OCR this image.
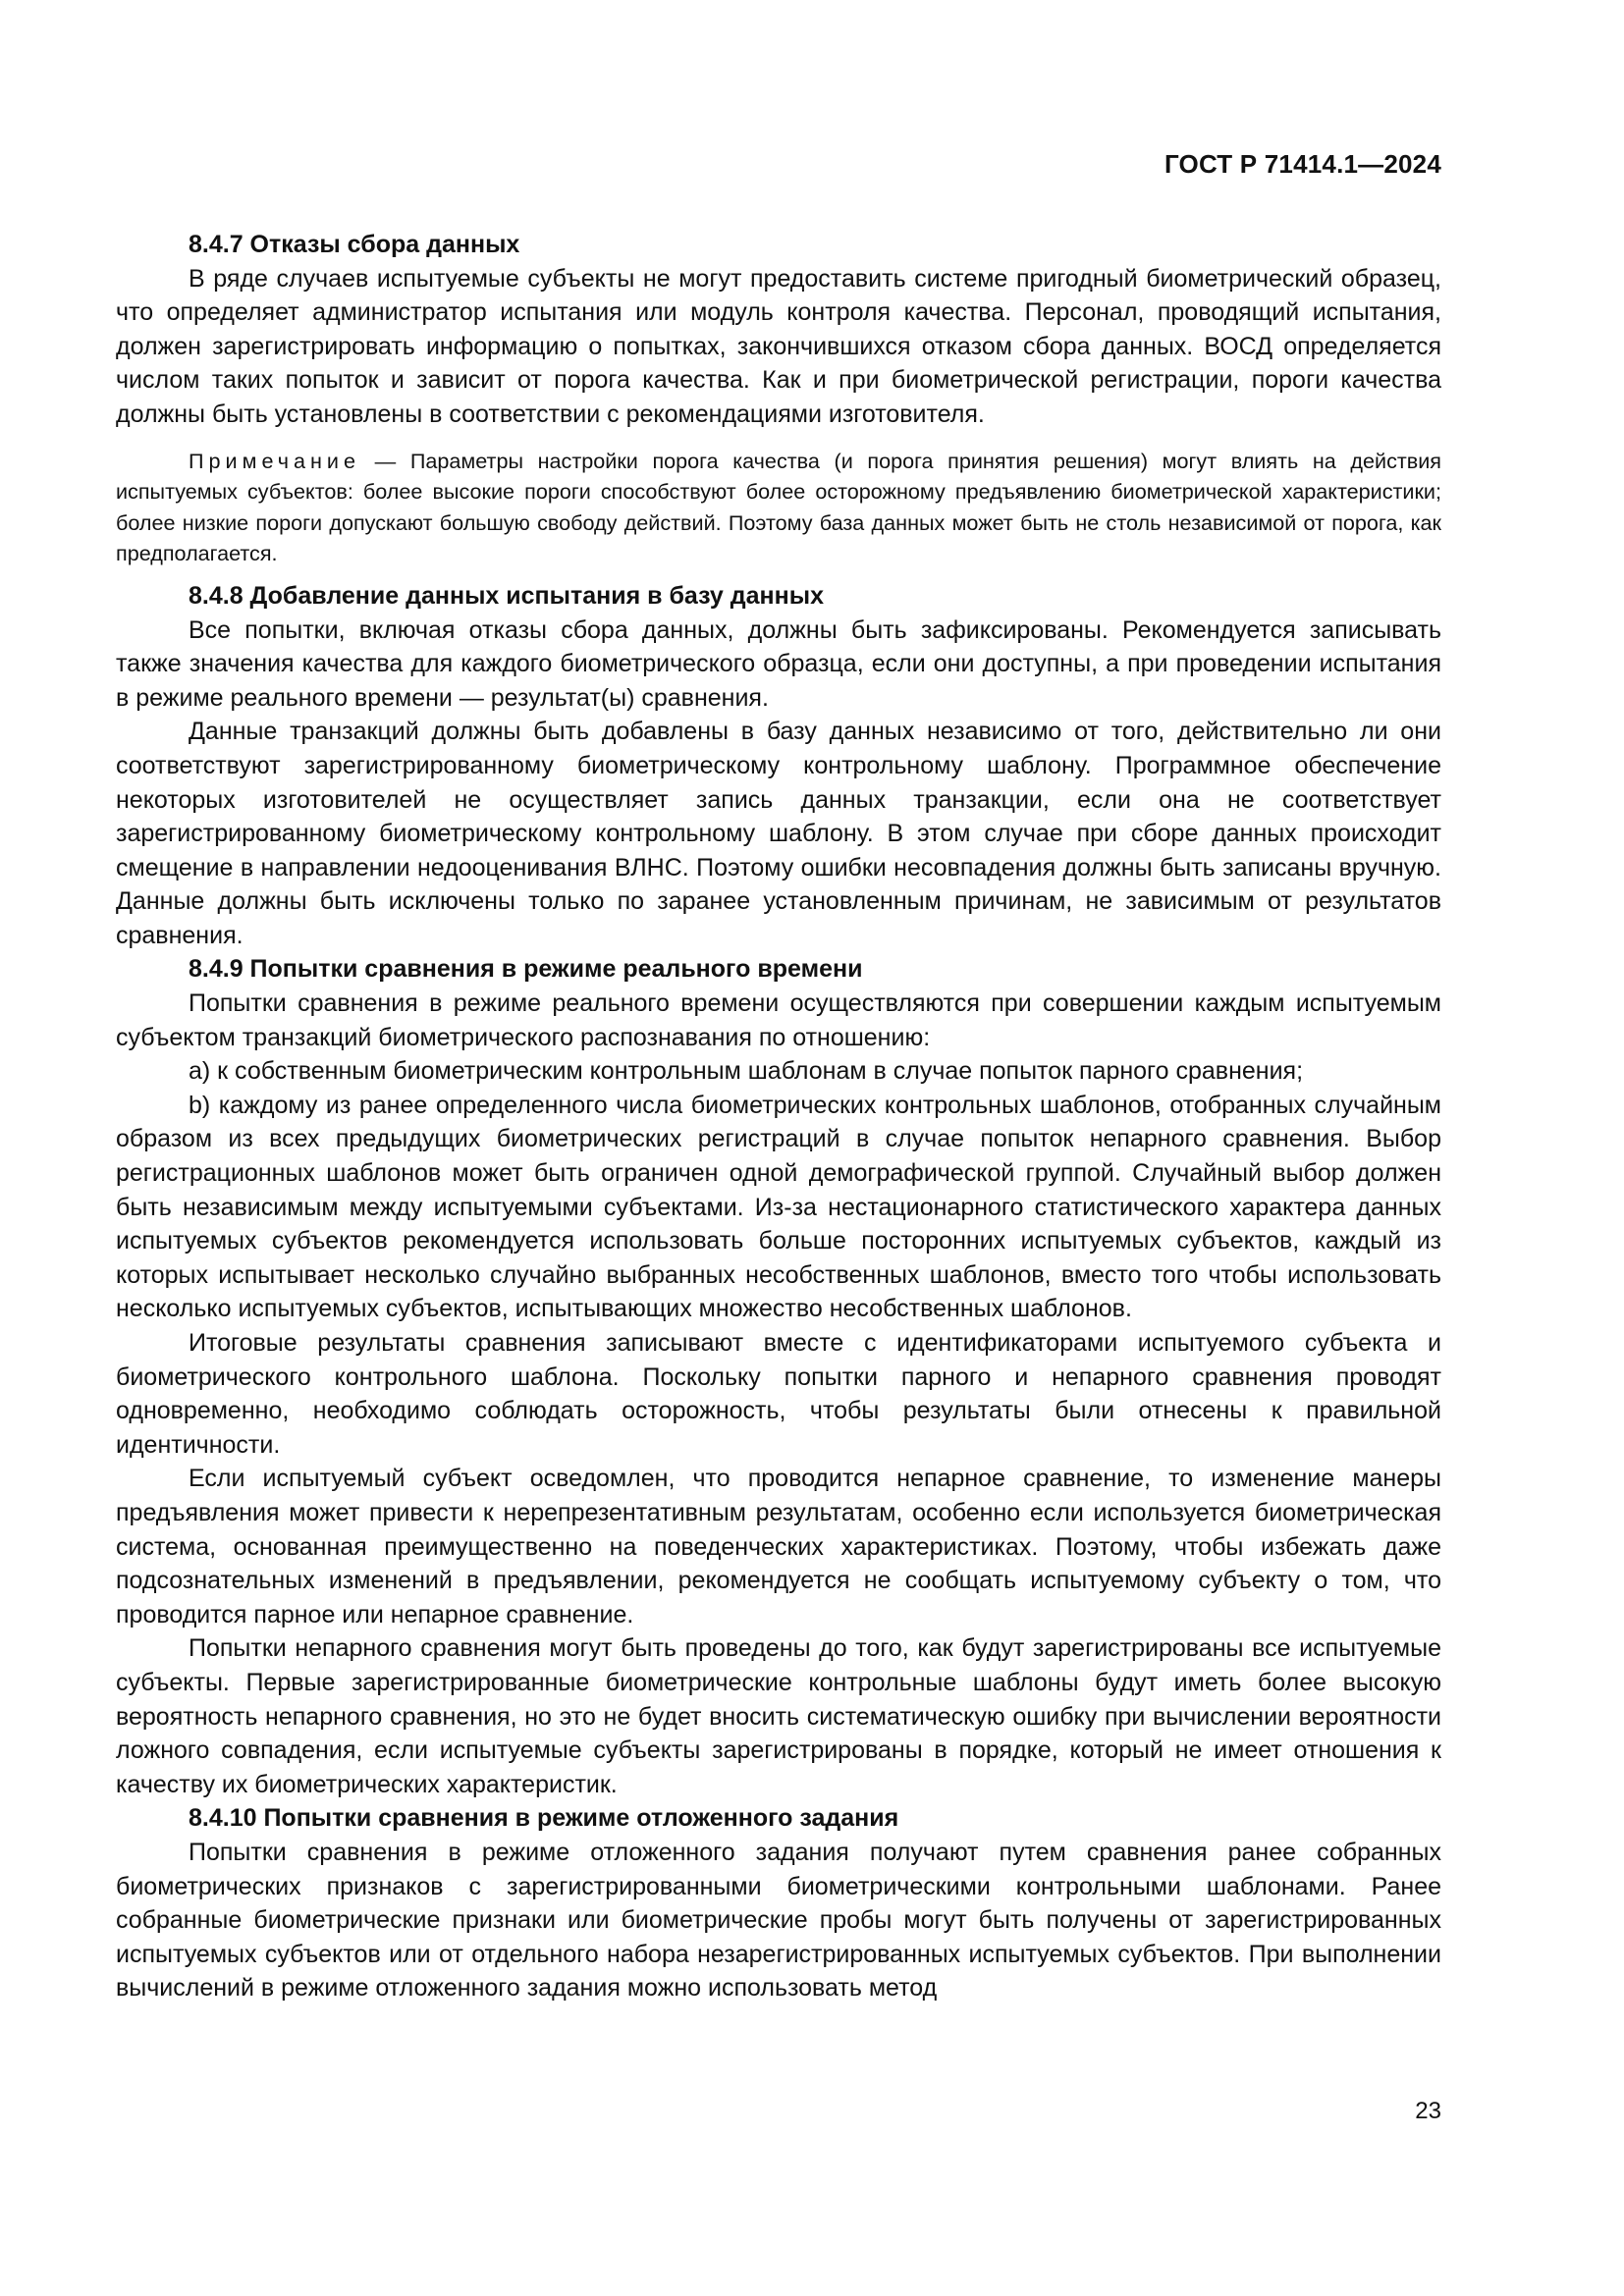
ГОСТ Р 71414.1—2024
8.4.7 Отказы сбора данных
В ряде случаев испытуемые субъекты не могут предоставить системе пригодный биометрический образец, что определяет администратор испытания или модуль контроля качества. Персонал, проводящий испытания, должен зарегистрировать информацию о попытках, закончившихся отказом сбора данных. ВОСД определяется числом таких попыток и зависит от порога качества. Как и при биометрической регистрации, пороги качества должны быть установлены в соответствии с рекомендациями изготовителя.
Примечание — Параметры настройки порога качества (и порога принятия решения) могут влиять на действия испытуемых субъектов: более высокие пороги способствуют более осторожному предъявлению биометрической характеристики; более низкие пороги допускают большую свободу действий. Поэтому база данных может быть не столь независимой от порога, как предполагается.
8.4.8 Добавление данных испытания в базу данных
Все попытки, включая отказы сбора данных, должны быть зафиксированы. Рекомендуется записывать также значения качества для каждого биометрического образца, если они доступны, а при проведении испытания в режиме реального времени — результат(ы) сравнения.
Данные транзакций должны быть добавлены в базу данных независимо от того, действительно ли они соответствуют зарегистрированному биометрическому контрольному шаблону. Программное обеспечение некоторых изготовителей не осуществляет запись данных транзакции, если она не соответствует зарегистрированному биометрическому контрольному шаблону. В этом случае при сборе данных происходит смещение в направлении недооценивания ВЛНС. Поэтому ошибки несовпадения должны быть записаны вручную. Данные должны быть исключены только по заранее установленным причинам, не зависимым от результатов сравнения.
8.4.9 Попытки сравнения в режиме реального времени
Попытки сравнения в режиме реального времени осуществляются при совершении каждым испытуемым субъектом транзакций биометрического распознавания по отношению:
a) к собственным биометрическим контрольным шаблонам в случае попыток парного сравнения;
b) каждому из ранее определенного числа биометрических контрольных шаблонов, отобранных случайным образом из всех предыдущих биометрических регистраций в случае попыток непарного сравнения. Выбор регистрационных шаблонов может быть ограничен одной демографической группой. Случайный выбор должен быть независимым между испытуемыми субъектами. Из-за нестационарного статистического характера данных испытуемых субъектов рекомендуется использовать больше посторонних испытуемых субъектов, каждый из которых испытывает несколько случайно выбранных несобственных шаблонов, вместо того чтобы использовать несколько испытуемых субъектов, испытывающих множество несобственных шаблонов.
Итоговые результаты сравнения записывают вместе с идентификаторами испытуемого субъекта и биометрического контрольного шаблона. Поскольку попытки парного и непарного сравнения проводят одновременно, необходимо соблюдать осторожность, чтобы результаты были отнесены к правильной идентичности.
Если испытуемый субъект осведомлен, что проводится непарное сравнение, то изменение манеры предъявления может привести к нерепрезентативным результатам, особенно если используется биометрическая система, основанная преимущественно на поведенческих характеристиках. Поэтому, чтобы избежать даже подсознательных изменений в предъявлении, рекомендуется не сообщать испытуемому субъекту о том, что проводится парное или непарное сравнение.
Попытки непарного сравнения могут быть проведены до того, как будут зарегистрированы все испытуемые субъекты. Первые зарегистрированные биометрические контрольные шаблоны будут иметь более высокую вероятность непарного сравнения, но это не будет вносить систематическую ошибку при вычислении вероятности ложного совпадения, если испытуемые субъекты зарегистрированы в порядке, который не имеет отношения к качеству их биометрических характеристик.
8.4.10 Попытки сравнения в режиме отложенного задания
Попытки сравнения в режиме отложенного задания получают путем сравнения ранее собранных биометрических признаков с зарегистрированными биометрическими контрольными шаблонами. Ранее собранные биометрические признаки или биометрические пробы могут быть получены от зарегистрированных испытуемых субъектов или от отдельного набора незарегистрированных испытуемых субъектов. При выполнении вычислений в режиме отложенного задания можно использовать метод
23
